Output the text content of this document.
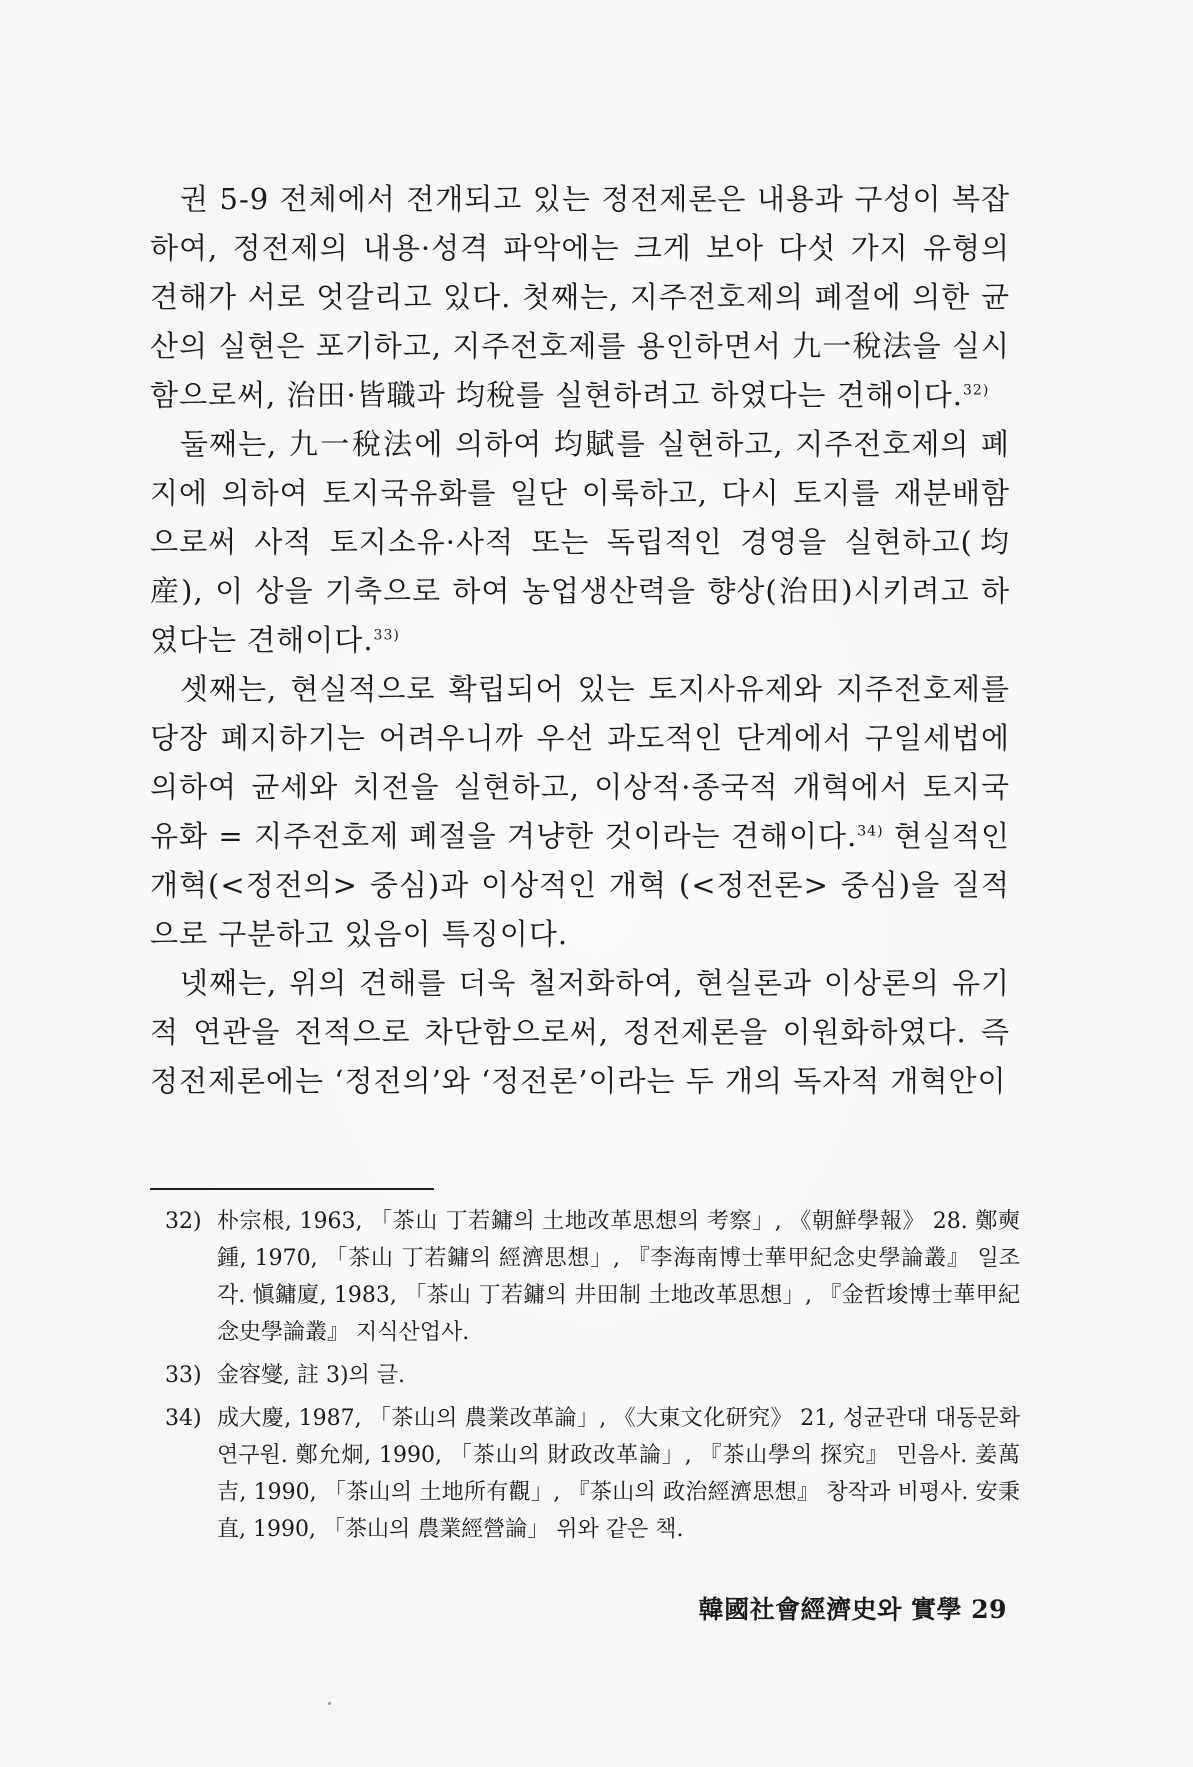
권 5-9 전체에서 전개되고 있는 정전제론은 내용과 구성이 복잡하여, 정전제의 내용·성격 파악에는 크게 보아 다섯 가지 유형의 견해가 서로 엇갈리고 있다. 첫째는, 지주전호제의 폐절에 의한 균산의 실현은 포기하고, 지주전호제를 용인하면서 九一稅法을 실시함으로써, 治田·皆職과 均稅를 실현하려고 하였다는 견해이다.$^{32)}$

둘째는, 九一稅法에 의하여 均賦를 실현하고, 지주전호제의 폐지에 의하여 토지국유화를 일단 이룩하고, 다시 토지를 재분배함으로써 사적 토지소유·사적 또는 독립적인 경영을 실현하고(均産), 이 상을 기축으로 하여 농업생산력을 향상(治田)시키려고 하였다는 견해이다.$^{33)}$

셋째는, 현실적으로 확립되어 있는 토지사유제와 지주전호제를 당장 폐지하기는 어려우니까 우선 과도적인 단계에서 구일세법에 의하여 균세와 치전을 실현하고, 이상적·종국적 개혁에서 토지국유화 = 지주전호제 폐절을 겨냥한 것이라는 견해이다.$^{34)}$ 현실적인 개혁(<정전의> 중심)과 이상적인 개혁 (<정전론> 중심)을 질적으로 구분하고 있음이 특징이다.

넷째는, 위의 견해를 더욱 철저화하여, 현실론과 이상론의 유기적 연관을 전적으로 차단함으로써, 정전제론을 이원화하였다. 즉 정전제론에는 ‘정전의’와 ‘정전론’이라는 두 개의 독자적 개혁안이

32) 朴宗根, 1963, 「茶山 丁若鏞의 土地改革思想의 考察」, 《朝鮮學報》 28. 鄭奭鍾, 1970, 「茶山 丁若鏞의 經濟思想」, 『李海南博士華甲紀念史學論叢』 일조각. 愼鏞廈, 1983, 「茶山 丁若鏞의 井田制 土地改革思想」, 『金哲埈博士華甲紀念史學論叢』 지식산업사.

33) 金容燮, 註 3)의 글.

34) 成大慶, 1987, 「茶山의 農業改革論」, 《大東文化研究》 21, 성균관대 대동문화연구원. 鄭允炯, 1990, 「茶山의 財政改革論」, 『茶山學의 探究』 민음사. 姜萬吉, 1990, 「茶山의 土地所有觀」, 『茶山의 政治經濟思想』 창작과 비평사. 安秉直, 1990, 「茶山의 農業經營論」 위와 같은 책.

韓國社會經濟史와 實學 29
